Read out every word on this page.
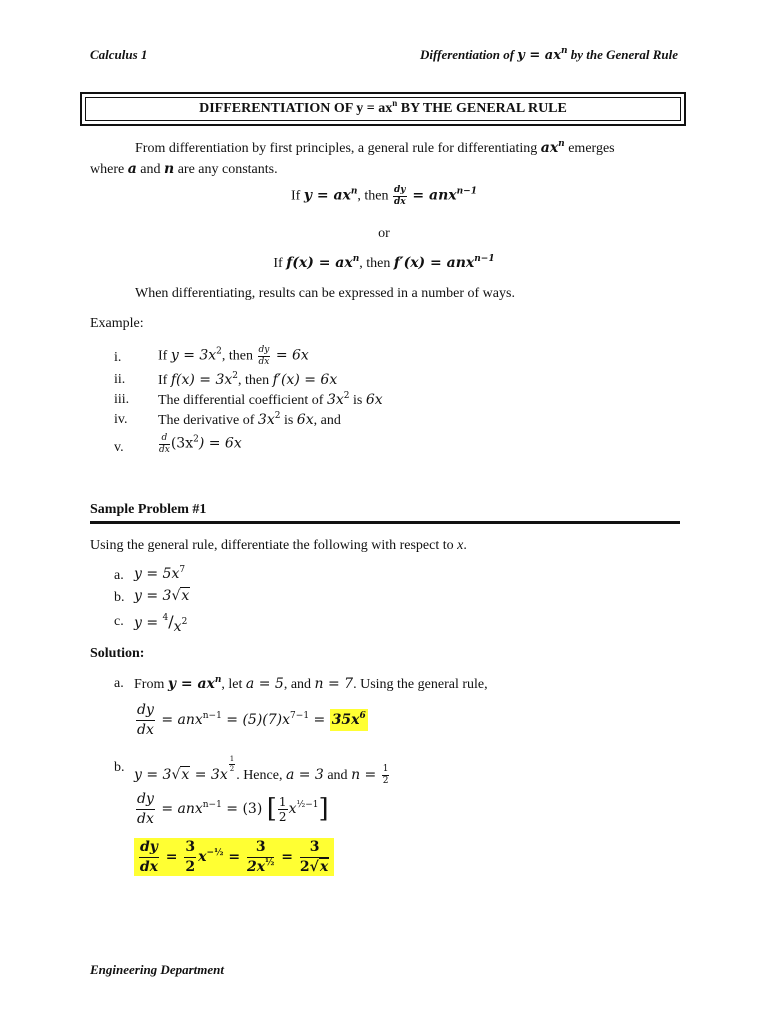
Calculus 1	Differentiation of $y = ax^n$ by the General Rule
DIFFERENTIATION OF $y = ax^n$ BY THE GENERAL RULE
From differentiation by first principles, a general rule for differentiating $ax^n$ emerges
where a and n are any constants.
If $y = ax^n$, then $\frac{dy}{dx} = anx^{n-1}$
or
If $f(x) = ax^n$, then f′(x) = anx$^{n-1}$
When differentiating, results can be expressed in a number of ways.
Example:
i.	If $y = 3x^2$, then $\frac{dy}{dx} = 6x$
ii. If $f(x) = 3x^2$, then f′(x) = 6x
iii. The differential coefficient of $3x^2$ is 6x
iv. The derivative of $3x^2$ is 6x, and
v.	$\frac{d}{dx} (3x^2) = 6x$
Sample Problem #1
Using the general rule, differentiate the following with respect to x.
a. $y = 5x^7$
b. y = 3√x
c. $y = ^4/x^2$
Solution:
a. From $y = ax^n$, let a = 5, and n = 7. Using the general rule,
$\frac{dy}{dx} = anx^{n-1} = (5)(7)x^{7-1} = 35x^6$
b. y = 3√x = 3x
$\frac{1}{2}$
. Hence, a = 3 and $n = \frac{1}{2}$
$\frac{dy}{dx} = anx^{n-1} = (3)$ [ $\frac{1}{2} x^{\frac{1}{2}-1}$]
$\frac{dy}{dx} = \frac{3}{2} x^{-\frac{1}{2}} = \frac{3}{2x^{\frac{1}{2}}} = \frac{3}{2√x}$
Engineering Department
